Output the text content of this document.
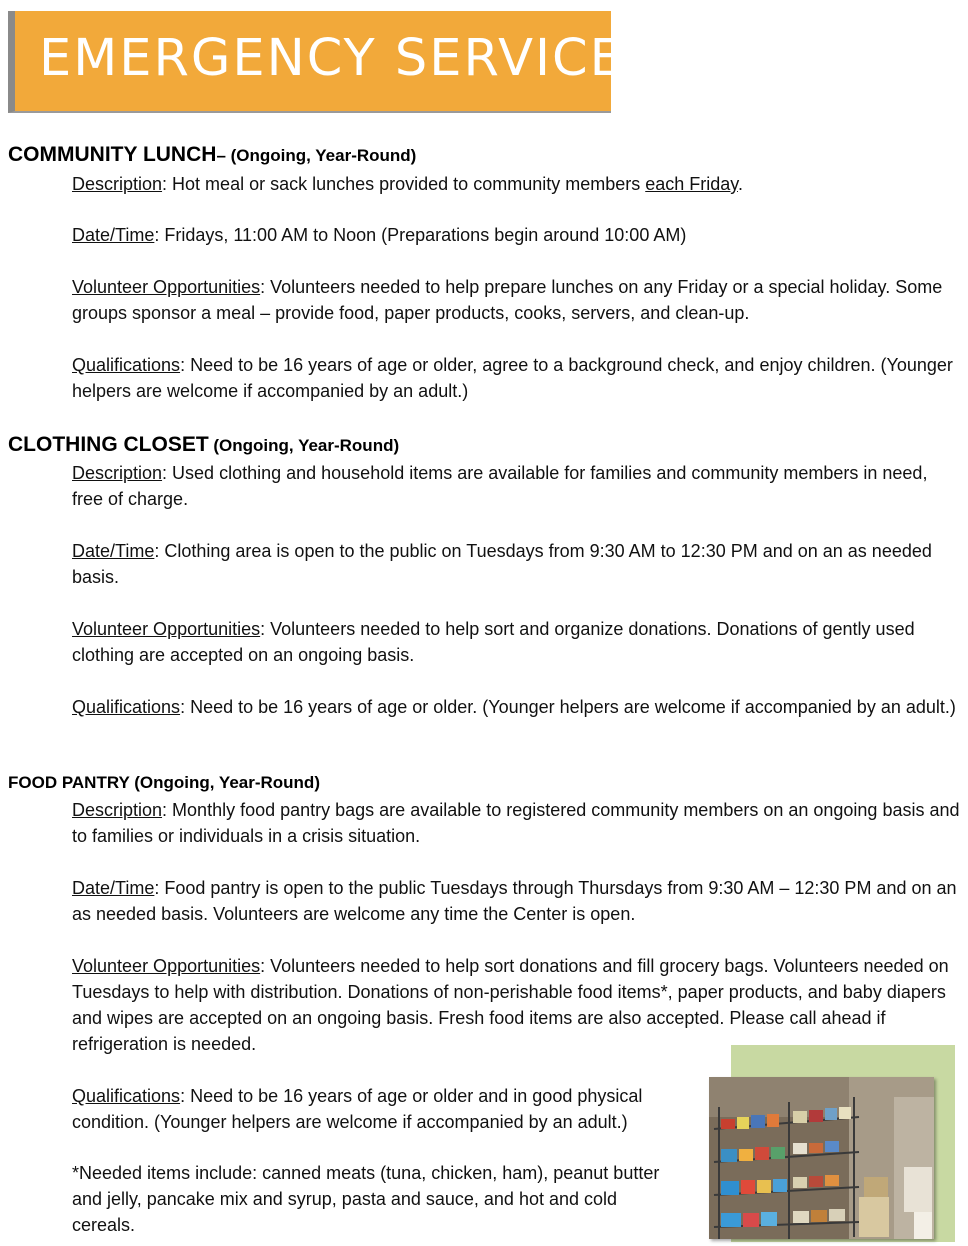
EMERGENCY SERVICES
COMMUNITY LUNCH– (Ongoing, Year-Round)
Description: Hot meal or sack lunches provided to community members each Friday.
Date/Time: Fridays, 11:00 AM to Noon (Preparations begin around 10:00 AM)
Volunteer Opportunities: Volunteers needed to help prepare lunches on any Friday or a special holiday. Some groups sponsor a meal – provide food, paper products, cooks, servers, and clean-up.
Qualifications: Need to be 16 years of age or older, agree to a background check, and enjoy children. (Younger helpers are welcome if accompanied by an adult.)
CLOTHING CLOSET (Ongoing, Year-Round)
Description: Used clothing and household items are available for families and community members in need, free of charge.
Date/Time: Clothing area is open to the public on Tuesdays from 9:30 AM to 12:30 PM and on an as needed basis.
Volunteer Opportunities: Volunteers needed to help sort and organize donations. Donations of gently used clothing are accepted on an ongoing basis.
Qualifications: Need to be 16 years of age or older. (Younger helpers are welcome if accompanied by an adult.)
FOOD PANTRY (Ongoing, Year-Round)
Description: Monthly food pantry bags are available to registered community members on an ongoing basis and to families or individuals in a crisis situation.
Date/Time: Food pantry is open to the public Tuesdays through Thursdays from 9:30 AM – 12:30 PM and on an as needed basis. Volunteers are welcome any time the Center is open.
Volunteer Opportunities: Volunteers needed to help sort donations and fill grocery bags. Volunteers needed on Tuesdays to help with distribution. Donations of non-perishable food items*, paper products, and baby diapers and wipes are accepted on an ongoing basis. Fresh food items are also accepted. Please call ahead if refrigeration is needed.
Qualifications: Need to be 16 years of age or older and in good physical condition. (Younger helpers are welcome if accompanied by an adult.)
*Needed items include: canned meats (tuna, chicken, ham), peanut butter and jelly, pancake mix and syrup, pasta and sauce, and hot and cold cereals.
